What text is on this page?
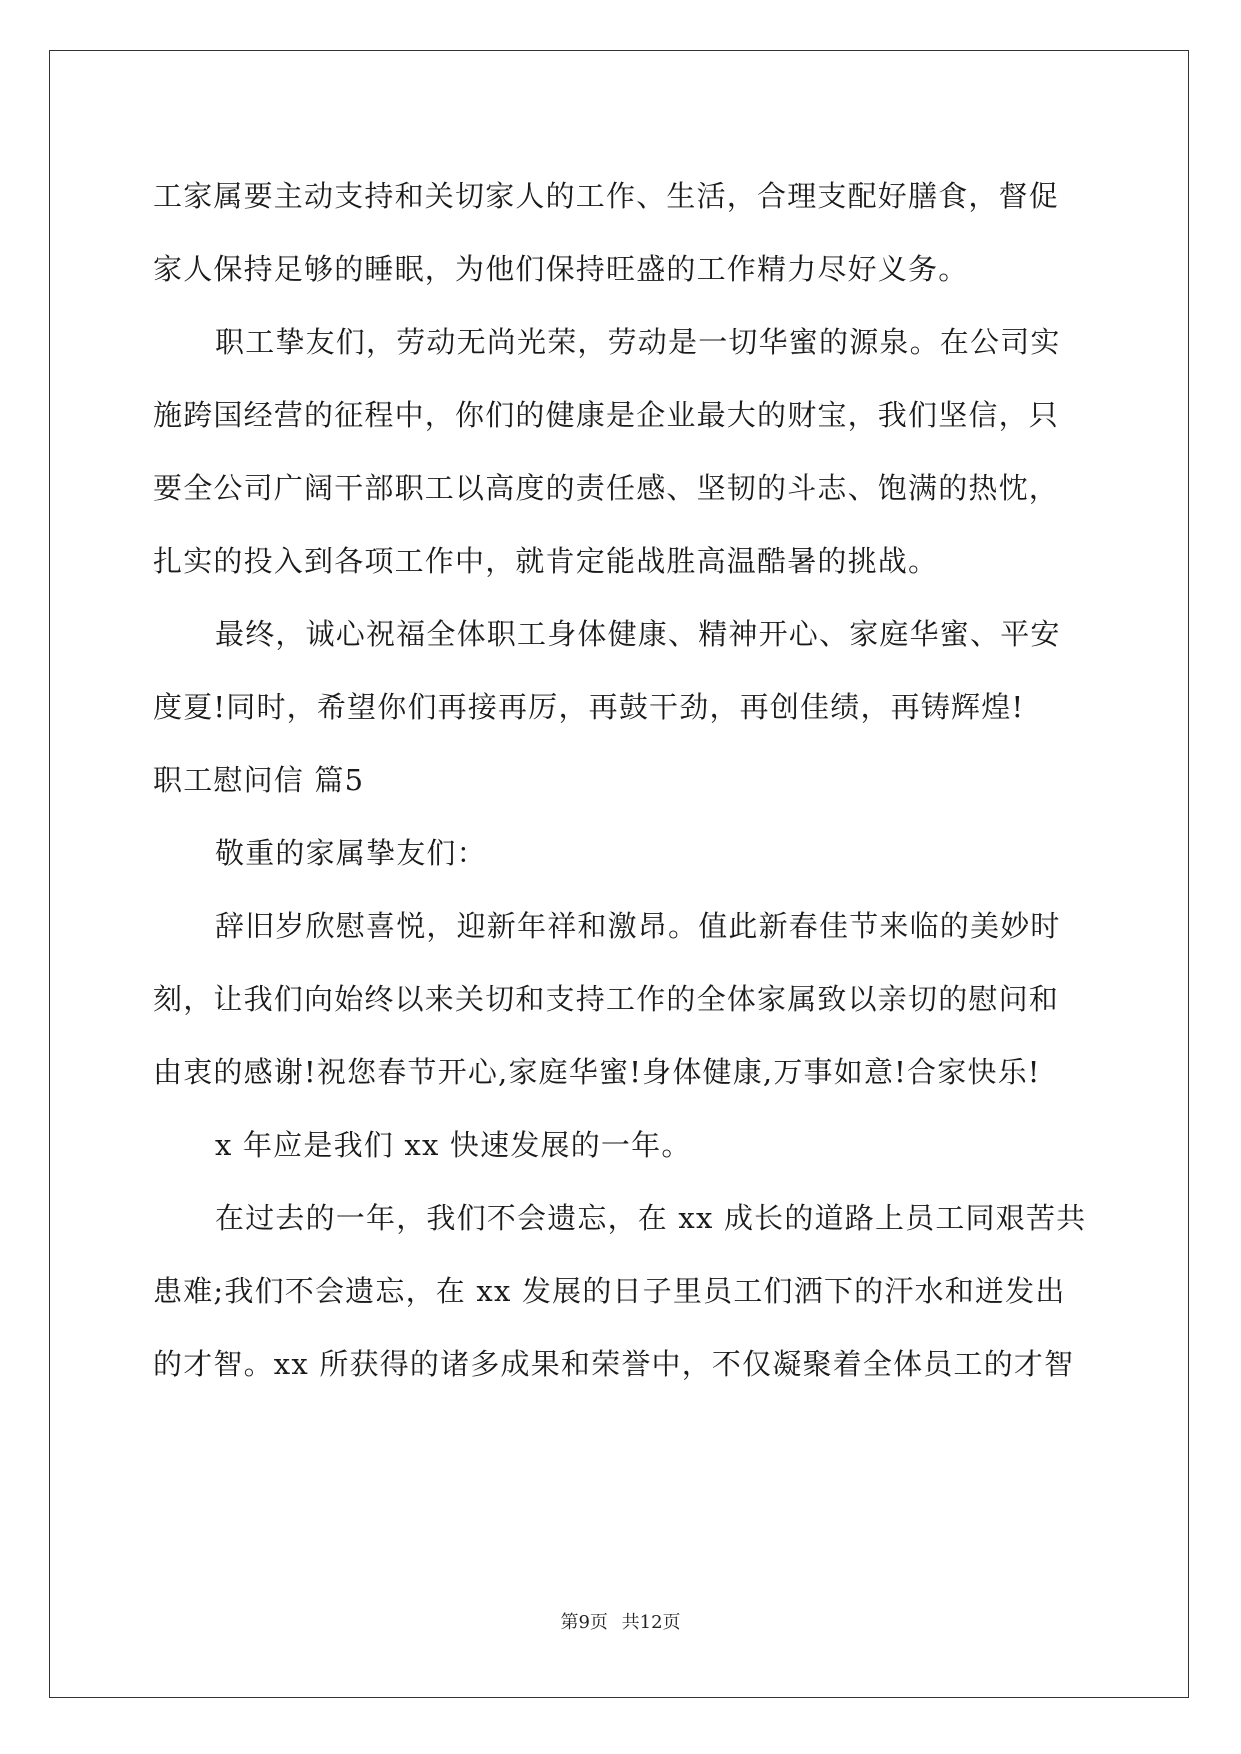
工家属要主动支持和关切家人的工作、生活，合理支配好膳食，督促
家人保持足够的睡眠，为他们保持旺盛的工作精力尽好义务。
职工挚友们，劳动无尚光荣，劳动是一切华蜜的源泉。在公司实
施跨国经营的征程中，你们的健康是企业最大的财宝，我们坚信，只
要全公司广阔干部职工以高度的责任感、坚韧的斗志、饱满的热忱，
扎实的投入到各项工作中，就肯定能战胜高温酷暑的挑战。
最终，诚心祝福全体职工身体健康、精神开心、家庭华蜜、平安
度夏!同时，希望你们再接再厉，再鼓干劲，再创佳绩，再铸辉煌!
职工慰问信 篇5
敬重的家属挚友们：
辞旧岁欣慰喜悦，迎新年祥和激昂。值此新春佳节来临的美妙时
刻，让我们向始终以来关切和支持工作的全体家属致以亲切的慰问和
由衷的感谢!祝您春节开心,家庭华蜜!身体健康,万事如意!合家快乐!
x 年应是我们 xx 快速发展的一年。
在过去的一年，我们不会遗忘，在 xx 成长的道路上员工同艰苦共
患难;我们不会遗忘，在 xx 发展的日子里员工们洒下的汗水和迸发出
的才智。xx 所获得的诸多成果和荣誉中，不仅凝聚着全体员工的才智
第9页 共12页
